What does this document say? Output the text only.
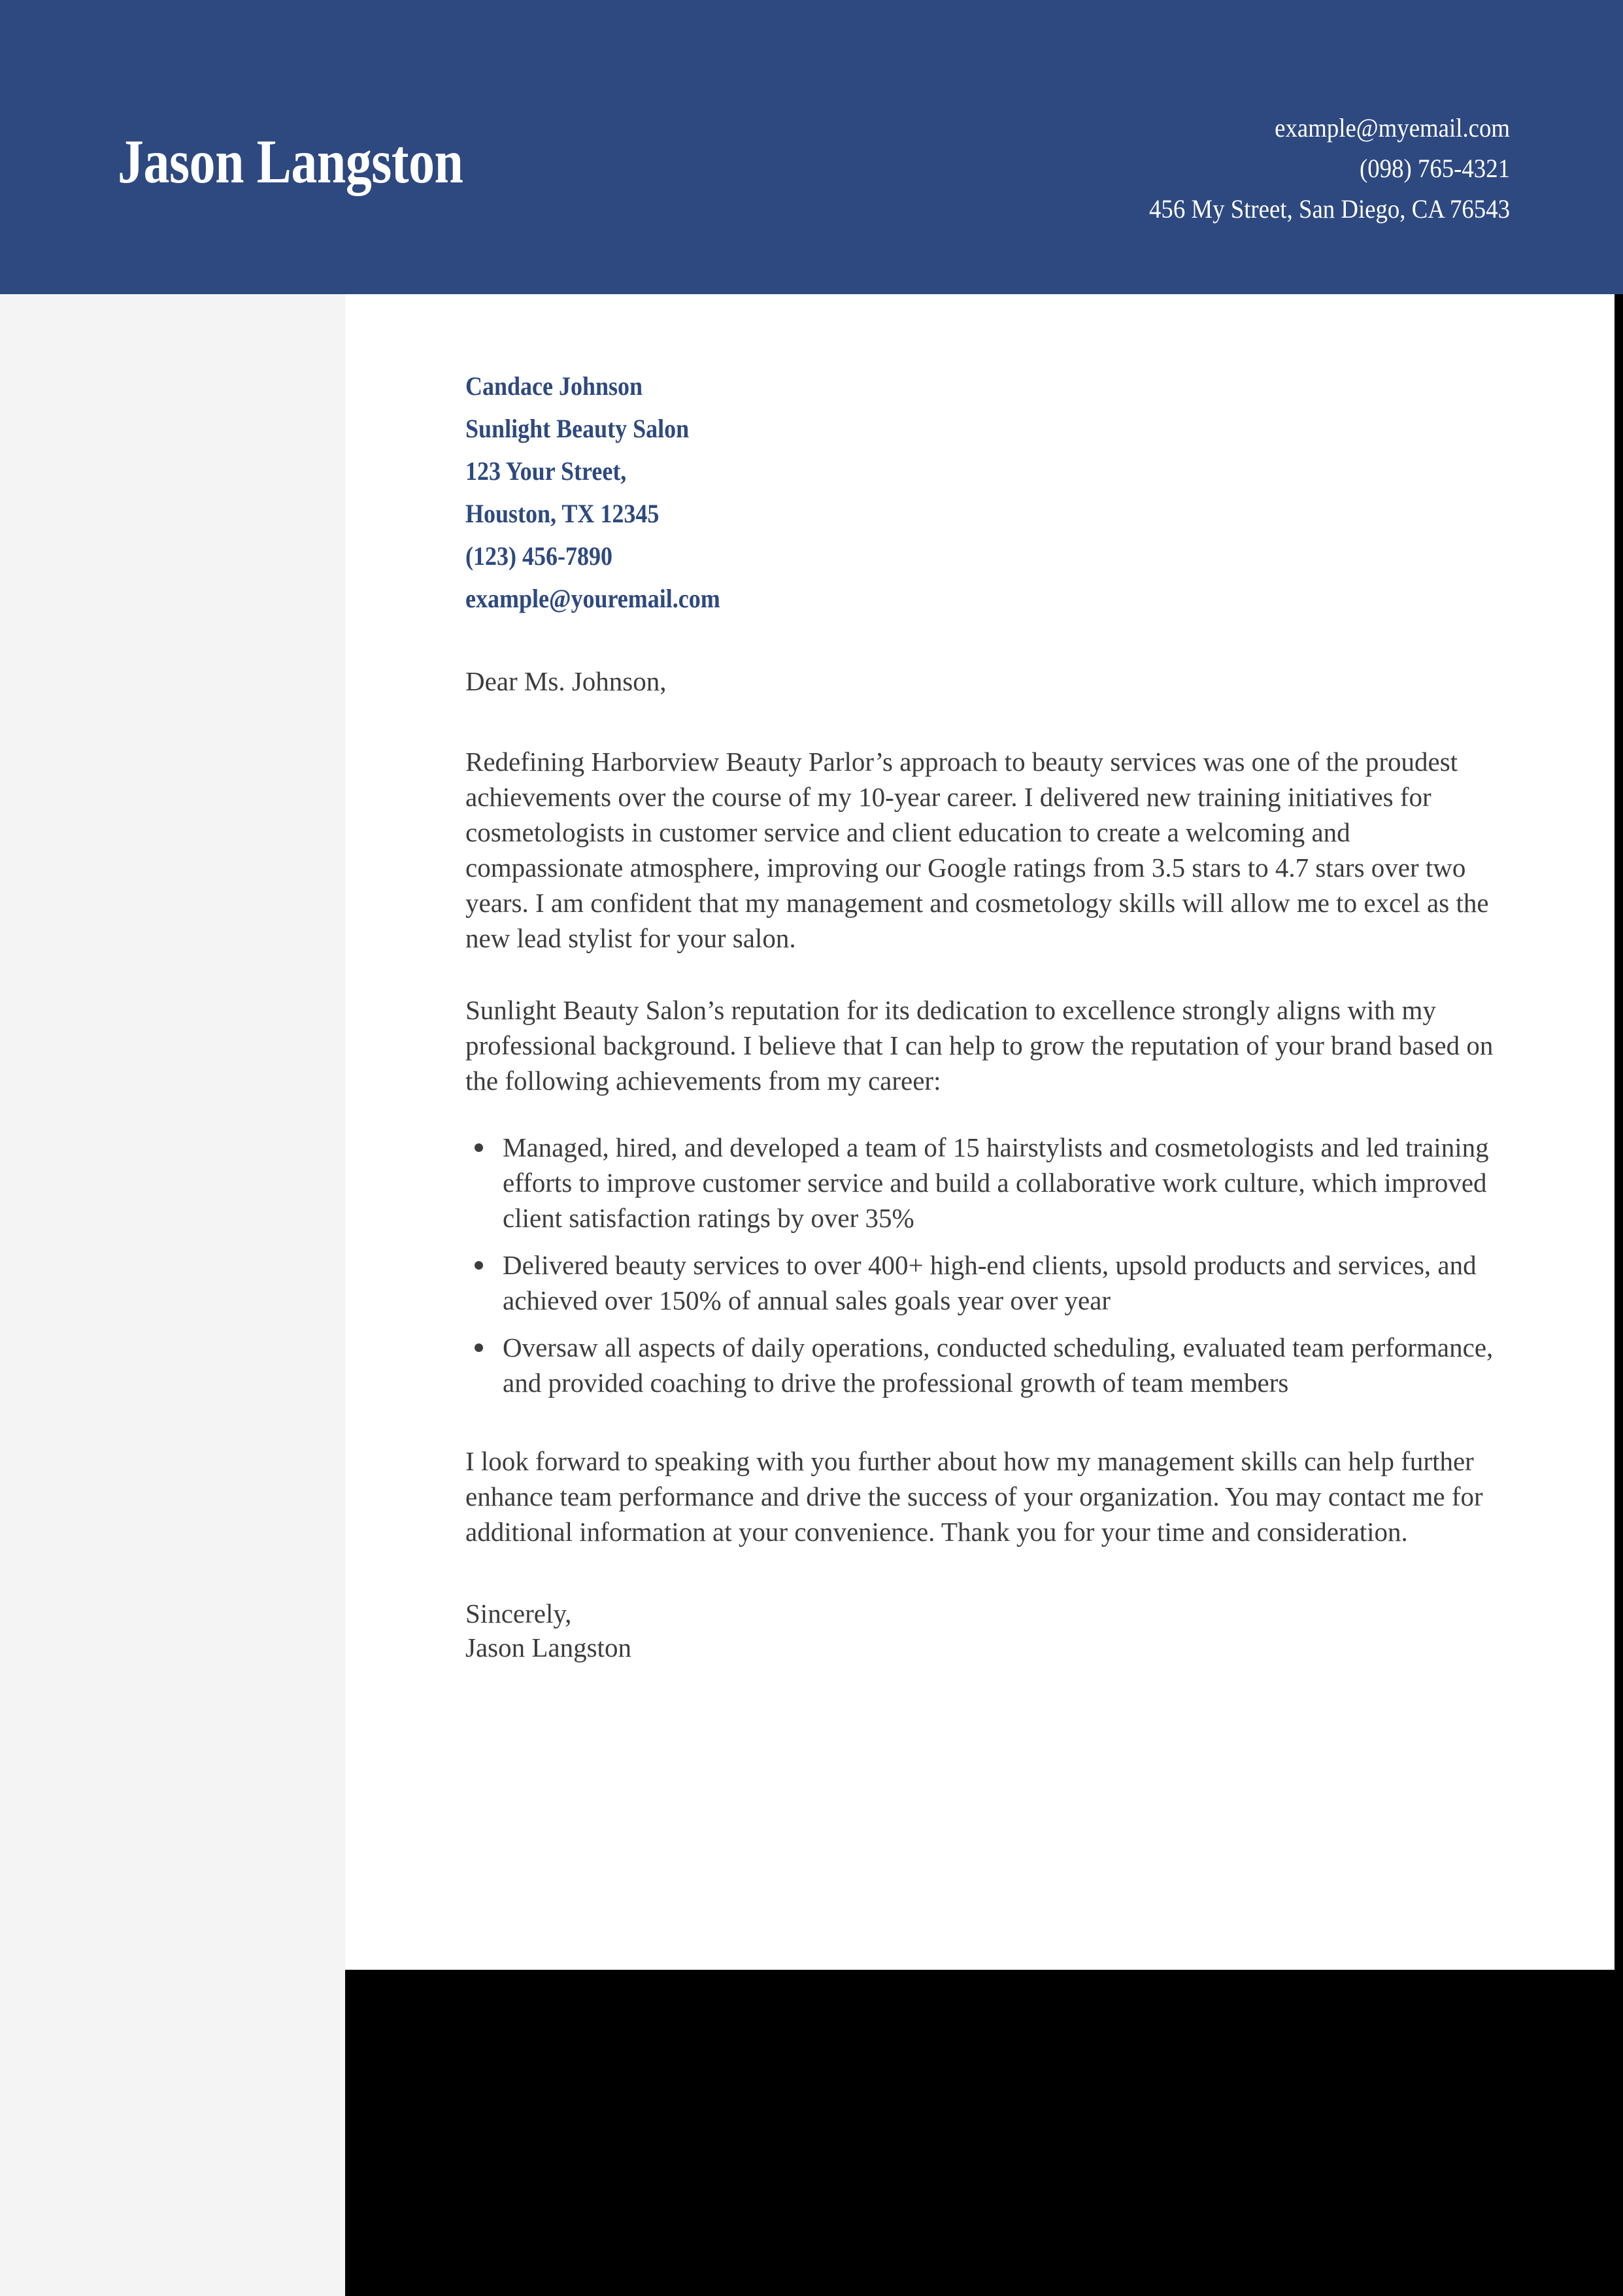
Jason Langston	example@myemail.com
(098) 765-4321
456 My Street, San Diego, CA 76543
Candace Johnson
Sunlight Beauty Salon
123 Your Street,
Houston, TX 12345
(123) 456-7890
example@youremail.com
Dear Ms. Johnson,
Redefining Harborview Beauty Parlor’s approach to beauty services was one of the proudest achievements over the course of my 10-year career. I delivered new training initiatives for cosmetologists in customer service and client education to create a welcoming and compassionate atmosphere, improving our Google ratings from 3.5 stars to 4.7 stars over two years. I am confident that my management and cosmetology skills will allow me to excel as the new lead stylist for your salon.
Sunlight Beauty Salon’s reputation for its dedication to excellence strongly aligns with my professional background. I believe that I can help to grow the reputation of your brand based on the following achievements from my career:
Managed, hired, and developed a team of 15 hairstylists and cosmetologists and led training efforts to improve customer service and build a collaborative work culture, which improved client satisfaction ratings by over 35%
Delivered beauty services to over 400+ high-end clients, upsold products and services, and achieved over 150% of annual sales goals year over year
Oversaw all aspects of daily operations, conducted scheduling, evaluated team performance, and provided coaching to drive the professional growth of team members
I look forward to speaking with you further about how my management skills can help further enhance team performance and drive the success of your organization. You may contact me for additional information at your convenience. Thank you for your time and consideration.
Sincerely,
Jason Langston
